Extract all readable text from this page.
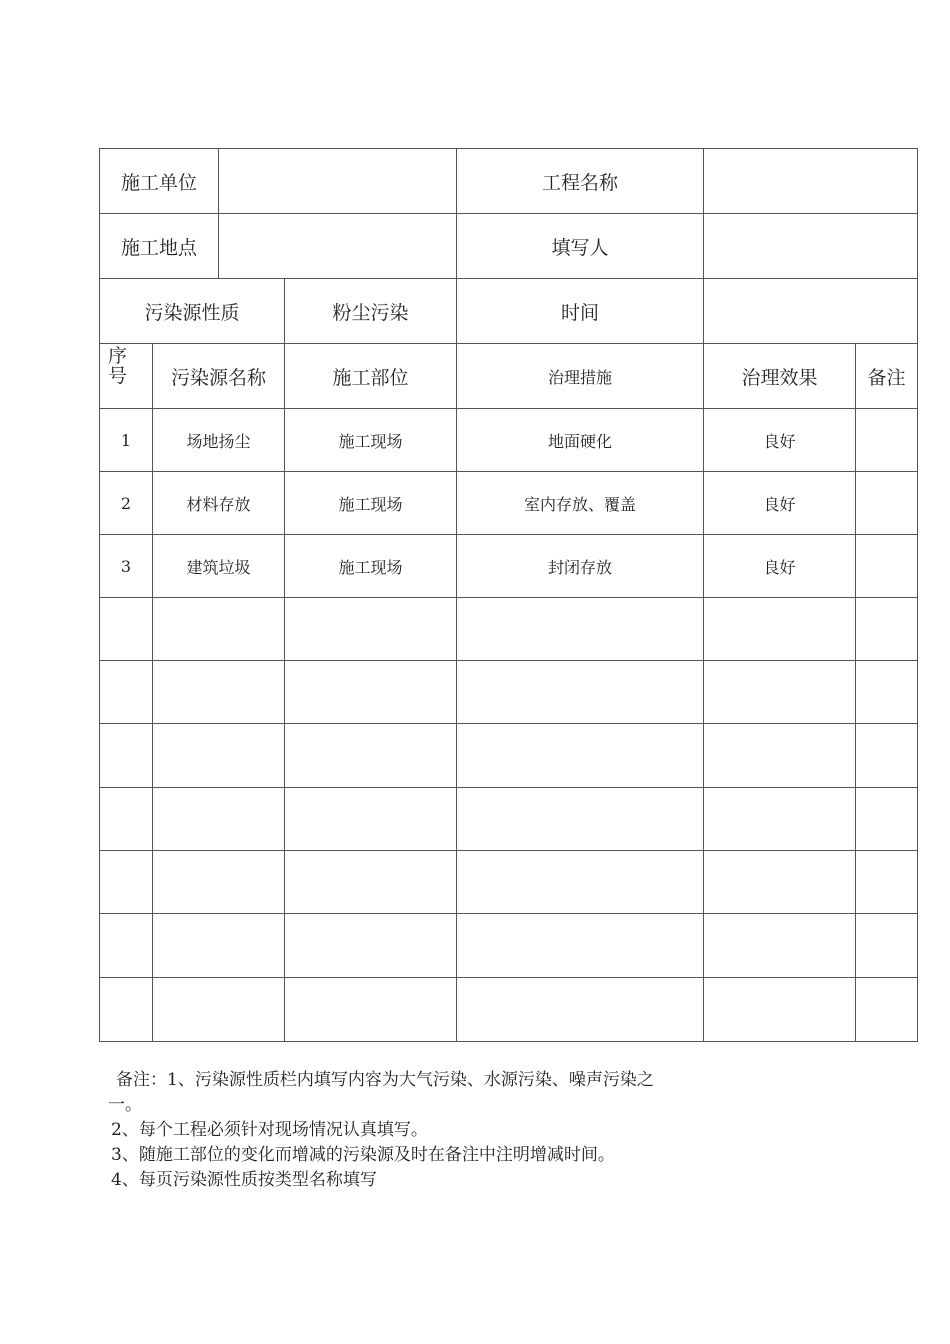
施工单位				工程名称		
施工地点				填写人		
污染源性质			粉尘污染	时间		
序
号	污染源名称		施工部位	治理措施	治理效果	备注
1	场地扬尘		施工现场	地面硬化	良好	
2	材料存放		施工现场	室内存放、覆盖	良好	
3	建筑垃圾		施工现场	封闭存放	良好	

备注：1、污染源性质栏内填写内容为大气污染、水源污染、噪声污染之

一。

2、每个工程必须针对现场情况认真填写。

3、随施工部位的变化而增减的污染源及时在备注中注明增减时间。

4、每页污染源性质按类型名称填写
